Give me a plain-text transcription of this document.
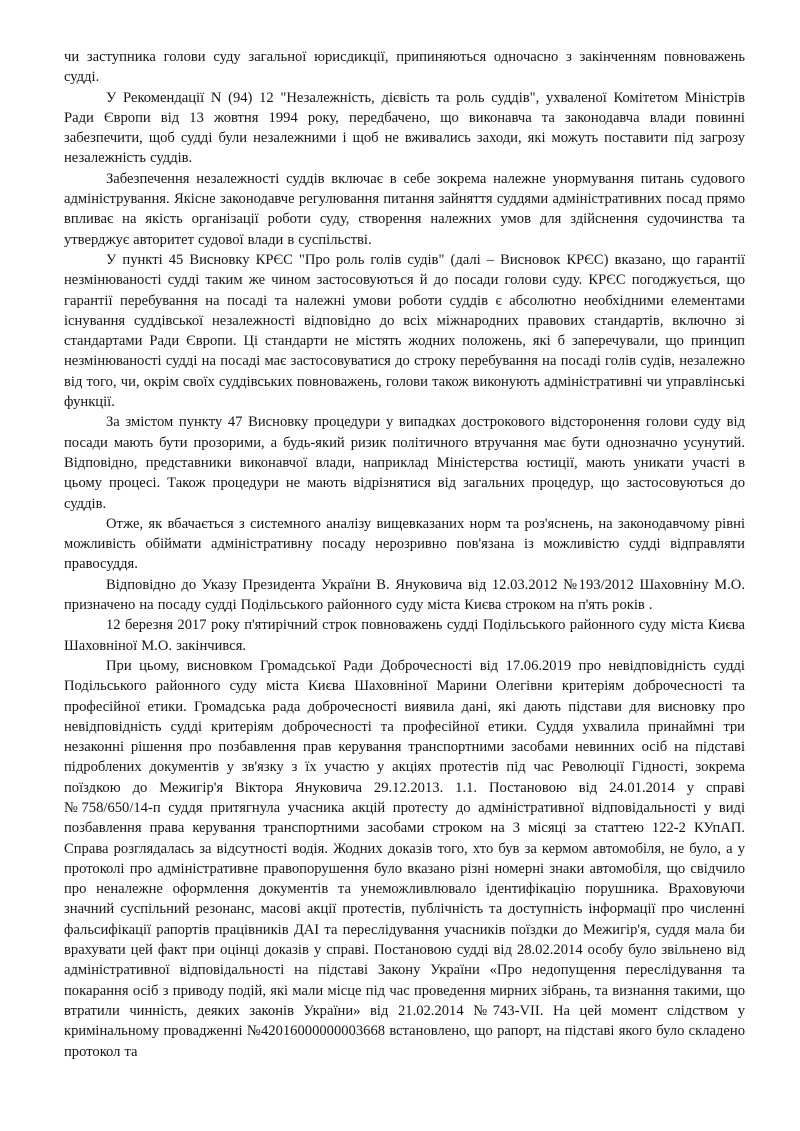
чи заступника голови суду загальної юрисдикції, припиняються одночасно з закінченням повноважень судді.

У Рекомендації N (94) 12 "Незалежність, дієвість та роль суддів", ухваленої Комітетом Міністрів Ради Європи від 13 жовтня 1994 року, передбачено, що виконавча та законодавча влади повинні забезпечити, щоб судді були незалежними і щоб не вживались заходи, які можуть поставити під загрозу незалежність суддів.

Забезпечення незалежності суддів включає в себе зокрема належне унормування питань судового адміністрування. Якісне законодавче регулювання питання зайняття суддями адміністративних посад прямо впливає на якість організації роботи суду, створення належних умов для здійснення судочинства та утверджує авторитет судової влади в суспільстві.

У пункті 45 Висновку КРЄС "Про роль голів судів" (далі – Висновок КРЄС) вказано, що гарантії незмінюваності судді таким же чином застосовуються й до посади голови суду. КРЄС погоджується, що гарантії перебування на посаді та належні умови роботи суддів є абсолютно необхідними елементами існування суддівської незалежності відповідно до всіх міжнародних правових стандартів, включно зі стандартами Ради Європи. Ці стандарти не містять жодних положень, які б заперечували, що принцип незмінюваності судді на посаді має застосовуватися до строку перебування на посаді голів судів, незалежно від того, чи, окрім своїх суддівських повноважень, голови також виконують адміністративні чи управлінські функції.

За змістом пункту 47 Висновку процедури у випадках дострокового відсторонення голови суду від посади мають бути прозорими, а будь-який ризик політичного втручання має бути однозначно усунутий. Відповідно, представники виконавчої влади, наприклад Міністерства юстиції, мають уникати участі в цьому процесі. Також процедури не мають відрізнятися від загальних процедур, що застосовуються до суддів.

Отже, як вбачається з системного аналізу вищевказаних норм та роз'яснень, на законодавчому рівні можливість обіймати адміністративну посаду нерозривно пов'язана із можливістю судді відправляти правосуддя.

Відповідно до Указу Президента України В. Януковича від 12.03.2012 №193/2012 Шаховніну М.О. призначено на посаду судді Подільського районного суду міста Києва строком на п'ять років .

12 березня 2017 року п'ятирічний строк повноважень судді Подільського районного суду міста Києва Шаховніної М.О. закінчився.

При цьому, висновком Громадської Ради Доброчесності від 17.06.2019 про невідповідність судді Подільського районного суду міста Києва Шаховніної Марини Олегівни критеріям доброчесності та професійної етики. Громадська рада доброчесності виявила дані, які дають підстави для висновку про невідповідність судді критеріям доброчесності та професійної етики. Суддя ухвалила принаймні три незаконні рішення про позбавлення прав керування транспортними засобами невинних осіб на підставі підроблених документів у зв'язку з їх участю у акціях протестів під час Революції Гідності, зокрема поїздкою до Межигір'я Віктора Януковича 29.12.2013. 1.1. Постановою від 24.01.2014 у справі №758/650/14-п суддя притягнула учасника акцій протесту до адміністративної відповідальності у виді позбавлення права керування транспортними засобами строком на 3 місяці за статтею 122-2 КУпАП. Справа розглядалась за відсутності водія. Жодних доказів того, хто був за кермом автомобіля, не було, а у протоколі про адміністративне правопорушення було вказано різні номерні знаки автомобіля, що свідчило про неналежне оформлення документів та унеможливлювало ідентифікацію порушника. Враховуючи значний суспільний резонанс, масові акції протестів, публічність та доступність інформації про численні фальсифікації рапортів працівників ДАІ та переслідування учасників поїздки до Межигір'я, суддя мала би врахувати цей факт при оцінці доказів у справі. Постановою судді від 28.02.2014 особу було звільнено від адміністративної відповідальності на підставі Закону України «Про недопущення переслідування та покарання осіб з приводу подій, які мали місце під час проведення мирних зібрань, та визнання такими, що втратили чинність, деяких законів України» від 21.02.2014 №743-VII. На цей момент слідством у кримінальному провадженні №42016000000003668 встановлено, що рапорт, на підставі якого було складено протокол та
